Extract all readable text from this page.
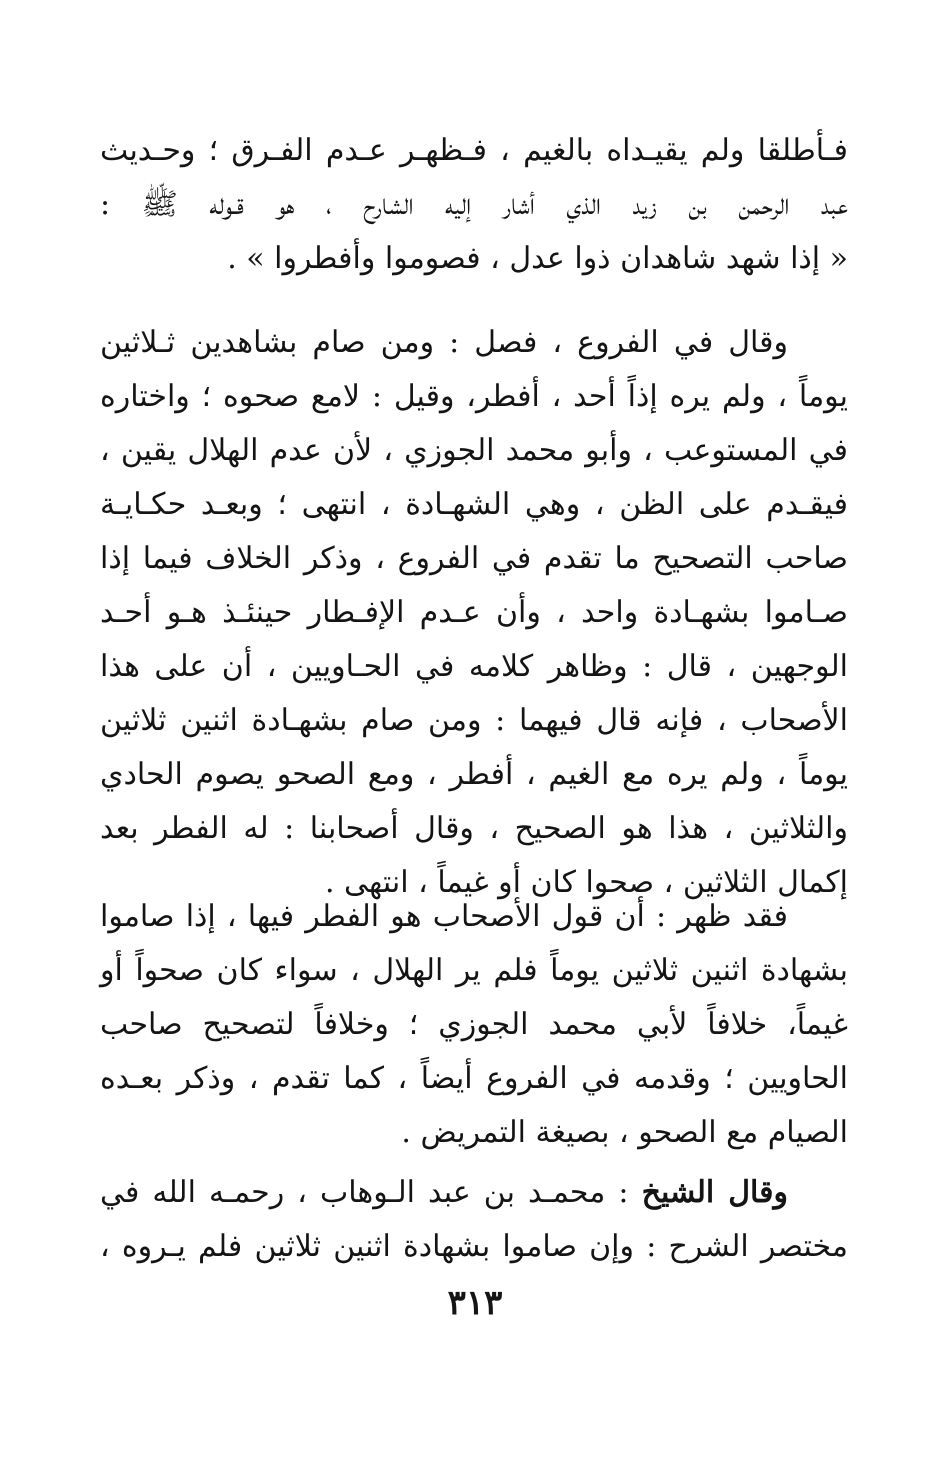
فـأطلقا ولم يقيـداه بالغيم ، فـظهـر عـدم الفـرق ؛ وحـديث
عبد الرحمن بن زيد الذي أشار إليه الشارح ، هو قـوله ﷺ :
« إذا شهد شاهدان ذوا عدل ، فصوموا وأفطروا » .
وقال في الفروع ، فصل : ومن صام بشاهدين ثـلاثين
يوماً ، ولم يره إذاً أحد ، أفطر، وقيل : لامع صحوه ؛ واختاره
في المستوعب ، وأبو محمد الجوزي ، لأن عدم الهلال يقين ،
فيقـدم على الظن ، وهي الشهـادة ، انتهى ؛ وبعـد حكـايـة
صاحب التصحيح ما تقدم في الفروع ، وذكر الخلاف فيما إذا
صـاموا بشهـادة واحد ، وأن عـدم الإفـطار حينئـذ هـو أحـد
الوجهين ، قال : وظاهر كلامه في الحـاويين ، أن على هذا
الأصحاب ، فإنه قال فيهما : ومن صام بشهـادة اثنين ثلاثين
يوماً ، ولم يره مع الغيم ، أفطر ، ومع الصحو يصوم الحادي
والثلاثين ، هذا هو الصحيح ، وقال أصحابنا : له الفطر بعد
إكمال الثلاثين ، صحوا كان أو غيماً ، انتهى .
فقد ظهر : أن قول الأصحاب هو الفطر فيها ، إذا صاموا
بشهادة اثنين ثلاثين يوماً فلم ير الهلال ، سواء كان صحواً أو
غيماً، خلافاً لأبي محمد الجوزي ؛ وخلافاً لتصحيح صاحب
الحاويين ؛ وقدمه في الفروع أيضاً ، كما تقدم ، وذكر بعـده
الصيام مع الصحو ، بصيغة التمريض .
وقال الشيخ : محمـد بن عبد الـوهاب ، رحمـه الله في
مختصر الشرح : وإن صاموا بشهادة اثنين ثلاثين فلم يـروه ،
٣١٣
